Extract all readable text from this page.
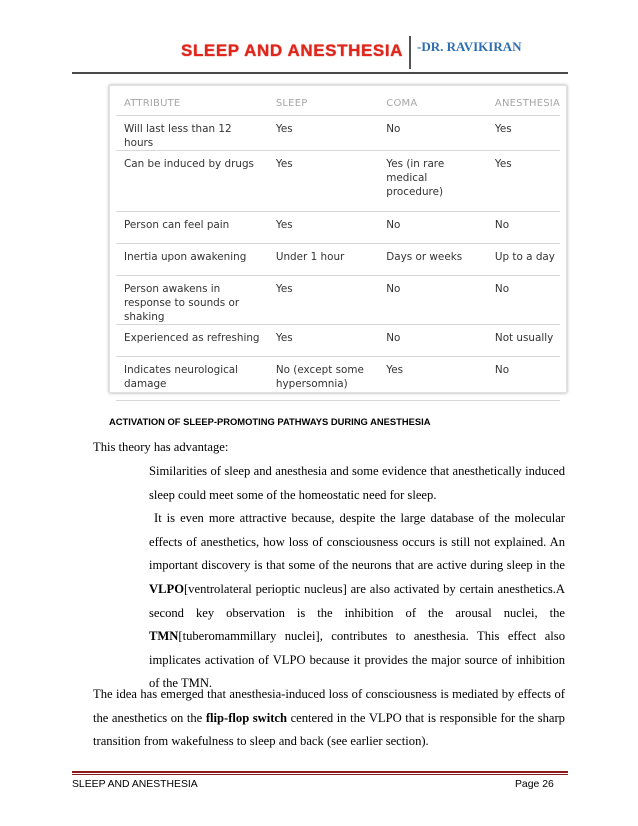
SLEEP AND ANESTHESIA -DR. RAVIKIRAN
ATTRIBUTE	SLEEP	COMA	ANESTHESIA
Will last less than 12 hours	Yes	No	Yes
Can be induced by drugs	Yes	Yes (in rare medical procedure)	Yes
Person can feel pain	Yes	No	No
Inertia upon awakening	Under 1 hour	Days or weeks	Up to a day
Person awakens in response to sounds or shaking	Yes	No	No
Experienced as refreshing	Yes	No	Not usually
Indicates neurological damage	No (except some hypersomnia)	Yes	No
ACTIVATION OF SLEEP-PROMOTING PATHWAYS DURING ANESTHESIA
This theory has advantage:

Similarities of sleep and anesthesia and some evidence that anesthetically induced sleep could meet some of the homeostatic need for sleep.

It is even more attractive because, despite the large database of the molecular effects of anesthetics, how loss of consciousness occurs is still not explained. An important discovery is that some of the neurons that are active during sleep in the VLPO[ventrolateral perioptic nucleus] are also activated by certain anesthetics.A second key observation is the inhibition of the arousal nuclei, the TMN[tuberomammillary nuclei], contributes to anesthesia. This effect also implicates activation of VLPO because it provides the major source of inhibition of the TMN.

The idea has emerged that anesthesia-induced loss of consciousness is mediated by effects of the anesthetics on the flip-flop switch centered in the VLPO that is responsible for the sharp transition from wakefulness to sleep and back (see earlier section).

SLEEP AND ANESTHESIA	Page 26
